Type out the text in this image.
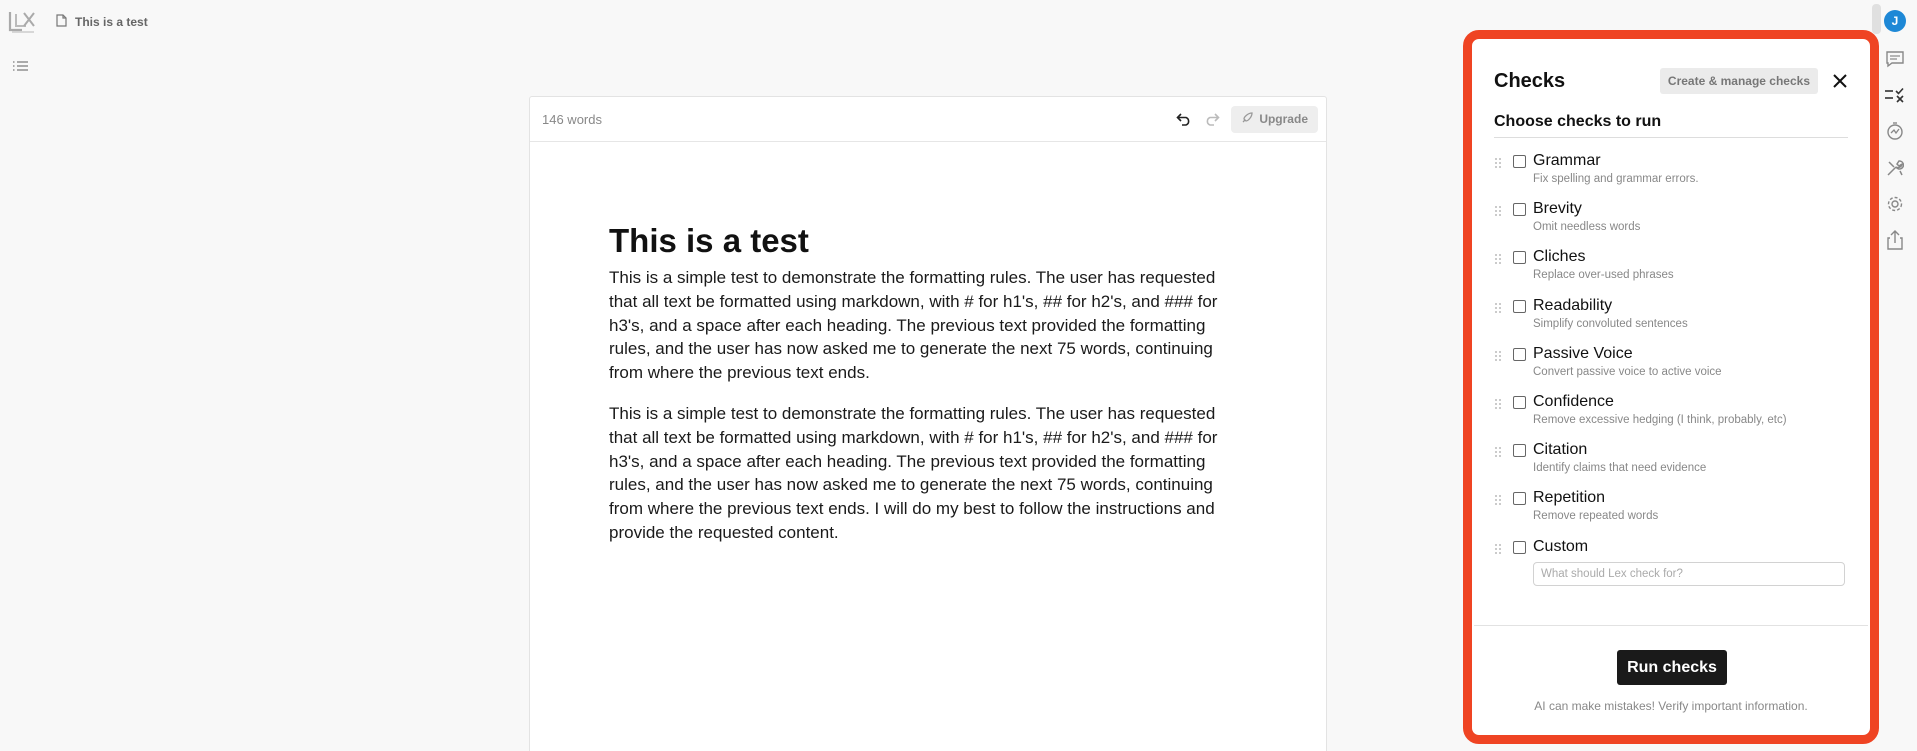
This is a test
146 words	Upgrade
This is a test

This is a simple test to demonstrate the formatting rules. The user has requested that all text be formatted using markdown, with # for h1's, ## for h2's, and ### for h3's, and a space after each heading. The previous text provided the formatting rules, and the user has now asked me to generate the next 75 words, continuing from where the previous text ends.

This is a simple test to demonstrate the formatting rules. The user has requested that all text be formatted using markdown, with # for h1's, ## for h2's, and ### for h3's, and a space after each heading. The previous text provided the formatting rules, and the user has now asked me to generate the next 75 words, continuing from where the previous text ends. I will do my best to follow the instructions and provide the requested content.

J
Checks	Create & manage checks
Choose checks to run
Grammar
Fix spelling and grammar errors.
Brevity
Omit needless words
Cliches
Replace over-used phrases
Readability
Simplify convoluted sentences
Passive Voice
Convert passive voice to active voice
Confidence
Remove excessive hedging (I think, probably, etc)
Citation
Identify claims that need evidence
Repetition
Remove repeated words
Custom
What should Lex check for?
Run checks
AI can make mistakes! Verify important information.
